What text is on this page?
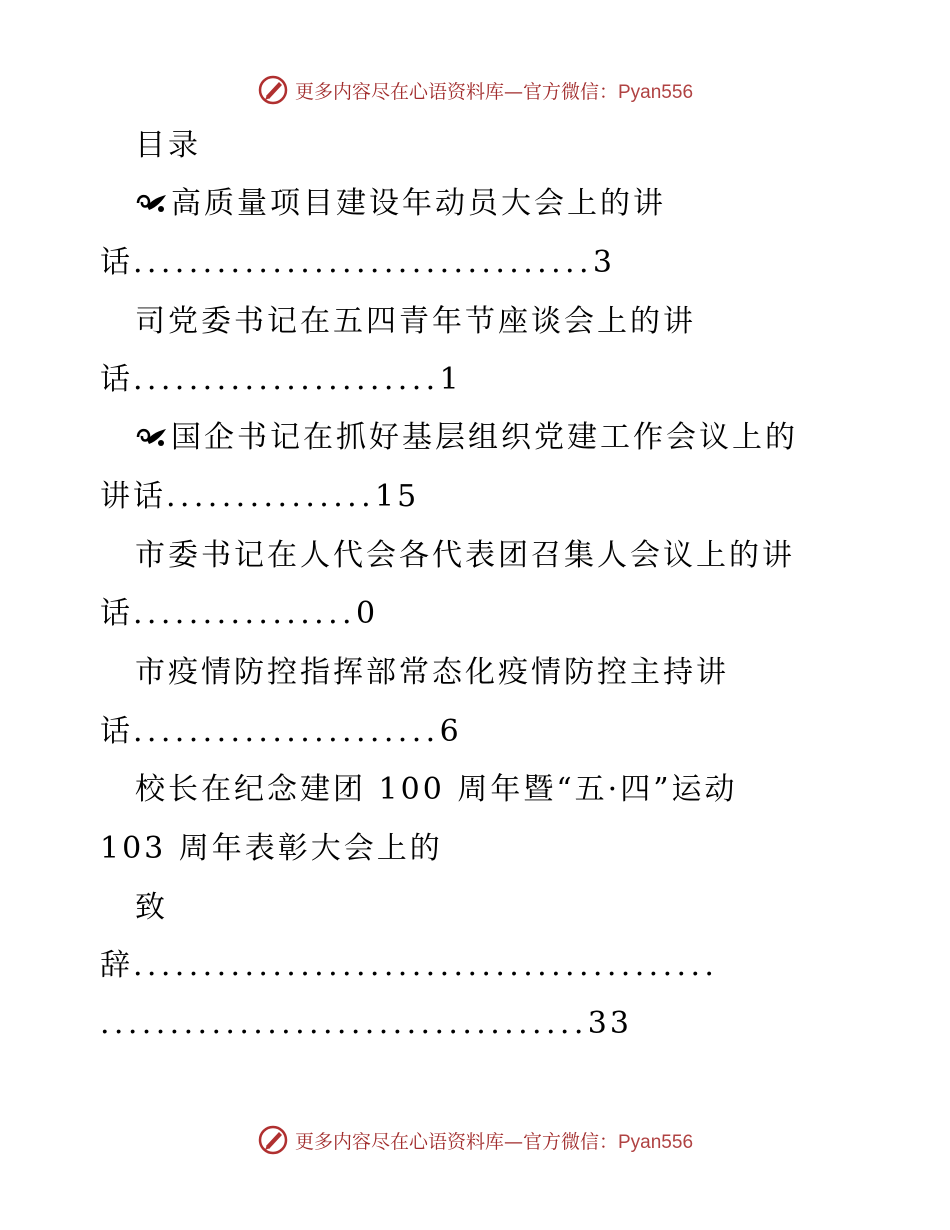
更多内容尽在心语资料库—官方微信：Pyan556
目录
高质量项目建设年动员大会上的讲
话.................................3
司党委书记在五四青年节座谈会上的讲
话......................1
国企书记在抓好基层组织党建工作会议上的
讲话...............15
市委书记在人代会各代表团召集人会议上的讲
话................0
市疫情防控指挥部常态化疫情防控主持讲
话......................6
校长在纪念建团 100 周年暨“五·四”运动
103 周年表彰大会上的
致
辞..........................................
...................................33
更多内容尽在心语资料库—官方微信：Pyan556
